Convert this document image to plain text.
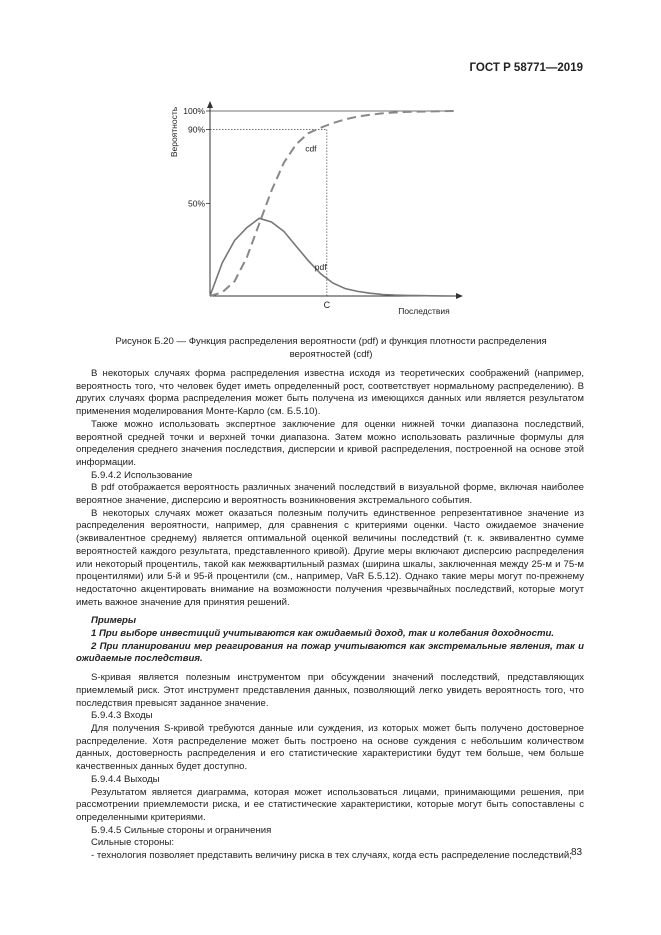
ГОСТ Р 58771—2019
100%
90%
50%
C
cdf
pdf
Вероятность
Последствия
Рисунок Б.20 — Функция распределения вероятности (pdf) и функция плотности распределения
вероятностей (cdf)

В некоторых случаях форма распределения известна исходя из теоретических соображений (например, вероятность того, что человек будет иметь определенный рост, соответствует нормальному распределению). В других случаях форма распределения может быть получена из имеющихся данных или является результатом применения моделирования Монте-Карло (см. Б.5.10).

Также можно использовать экспертное заключение для оценки нижней точки диапазона последствий, вероятной средней точки и верхней точки диапазона. Затем можно использовать различные формулы для определения среднего значения последствия, дисперсии и кривой распределения, построенной на основе этой информации.

Б.9.4.2 Использование

В pdf отображается вероятность различных значений последствий в визуальной форме, включая наиболее вероятное значение, дисперсию и вероятность возникновения экстремального события.

В некоторых случаях может оказаться полезным получить единственное репрезентативное значение из распределения вероятности, например, для сравнения с критериями оценки. Часто ожидаемое значение (эквивалентное среднему) является оптимальной оценкой величины последствий (т. к. эквивалентно сумме вероятностей каждого результата, представленного кривой). Другие меры включают дисперсию распределения или некоторый процентиль, такой как межквартильный размах (ширина шкалы, заключенная между 25-м и 75-м процентилями) или 5-й и 95-й процентили (см., например, VaR Б.5.12). Однако такие меры могут по-прежнему недостаточно акцентировать внимание на возможности получения чрезвычайных последствий, которые могут иметь важное значение для принятия решений.

Примеры

1 При выборе инвестиций учитываются как ожидаемый доход, так и колебания доходности.

2 При планировании мер реагирования на пожар учитываются как экстремальные явления, так и ожидаемые последствия.

S-кривая является полезным инструментом при обсуждении значений последствий, представляющих приемлемый риск. Этот инструмент представления данных, позволяющий легко увидеть вероятность того, что последствия превысят заданное значение.

Б.9.4.3 Входы

Для получения S-кривой требуются данные или суждения, из которых может быть получено достоверное распределение. Хотя распределение может быть построено на основе суждения с небольшим количеством данных, достоверность распределения и его статистические характеристики будут тем больше, чем больше качественных данных будет доступно.

Б.9.4.4 Выходы

Результатом является диаграмма, которая может использоваться лицами, принимающими решения, при рассмотрении приемлемости риска, и ее статистические характеристики, которые могут быть сопоставлены с определенными критериями.

Б.9.4.5 Сильные стороны и ограничения

Сильные стороны:

- технология позволяет представить величину риска в тех случаях, когда есть распределение последствий; 83
